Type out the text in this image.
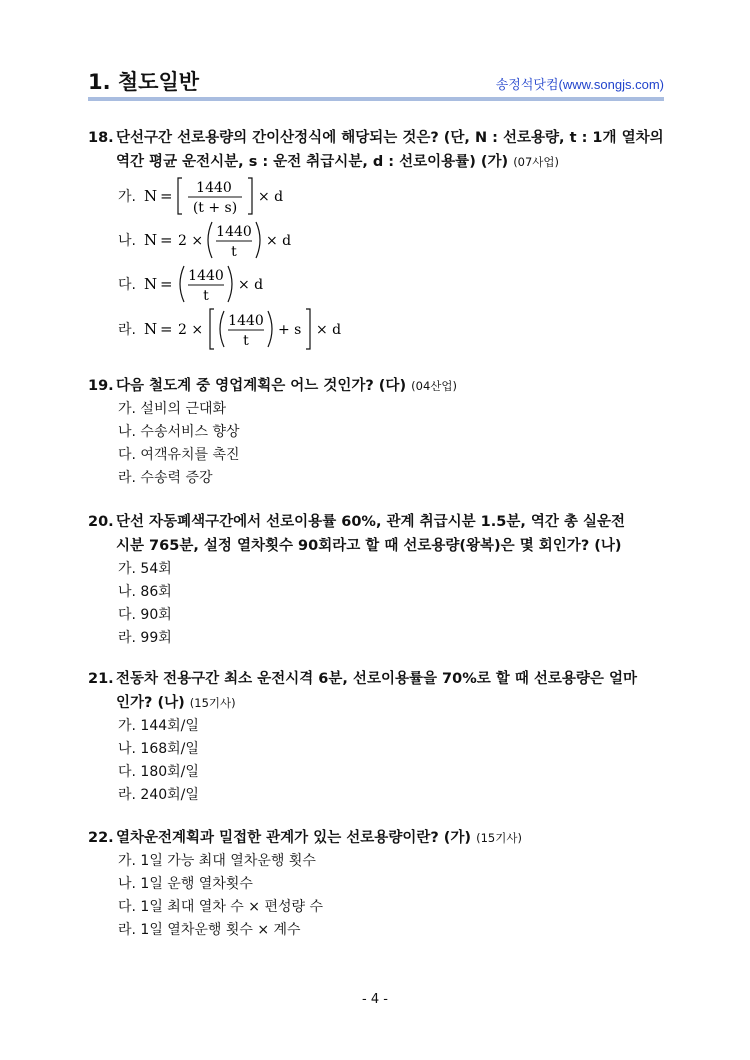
1. 철도일반	송정석닷컴(www.songjs.com)

18. 단선구간 선로용량의 간이산정식에 해당되는 것은? (단, N : 선로용량, t : 1개 열차의
역간 평균 운전시분, s : 운전 취급시분, d : 선로이용률) (가) (07사업)

가. N = 1440
(t + s)
× d
나. N = 2 ×
1440
t
× d
다. N = 1440
t
× d
라. N = 2 ×
1440
t
+ s × d

19. 다음 철도계 중 영업계획은 어느 것인가? (다) (04산업)

가. 설비의 근대화

나. 수송서비스 향상

다. 여객유치를 촉진

라. 수송력 증강

20. 단선 자동폐색구간에서 선로이용률 60%, 관계 취급시분 1.5분, 역간 총 실운전
시분 765분, 설정 열차횟수 90회라고 할 때 선로용량(왕복)은 몇 회인가? (나)

가. 54회

나. 86회

다. 90회

라. 99회

21. 전동차 전용구간 최소 운전시격 6분, 선로이용률을 70%로 할 때 선로용량은 얼마
인가? (나) (15기사)

가. 144회/일

나. 168회/일

다. 180회/일

라. 240회/일

22. 열차운전계획과 밀접한 관계가 있는 선로용량이란? (가) (15기사)

가. 1일 가능 최대 열차운행 횟수

나. 1일 운행 열차횟수

다. 1일 최대 열차 수 × 편성량 수

라. 1일 열차운행 횟수 × 계수

- 4 -
